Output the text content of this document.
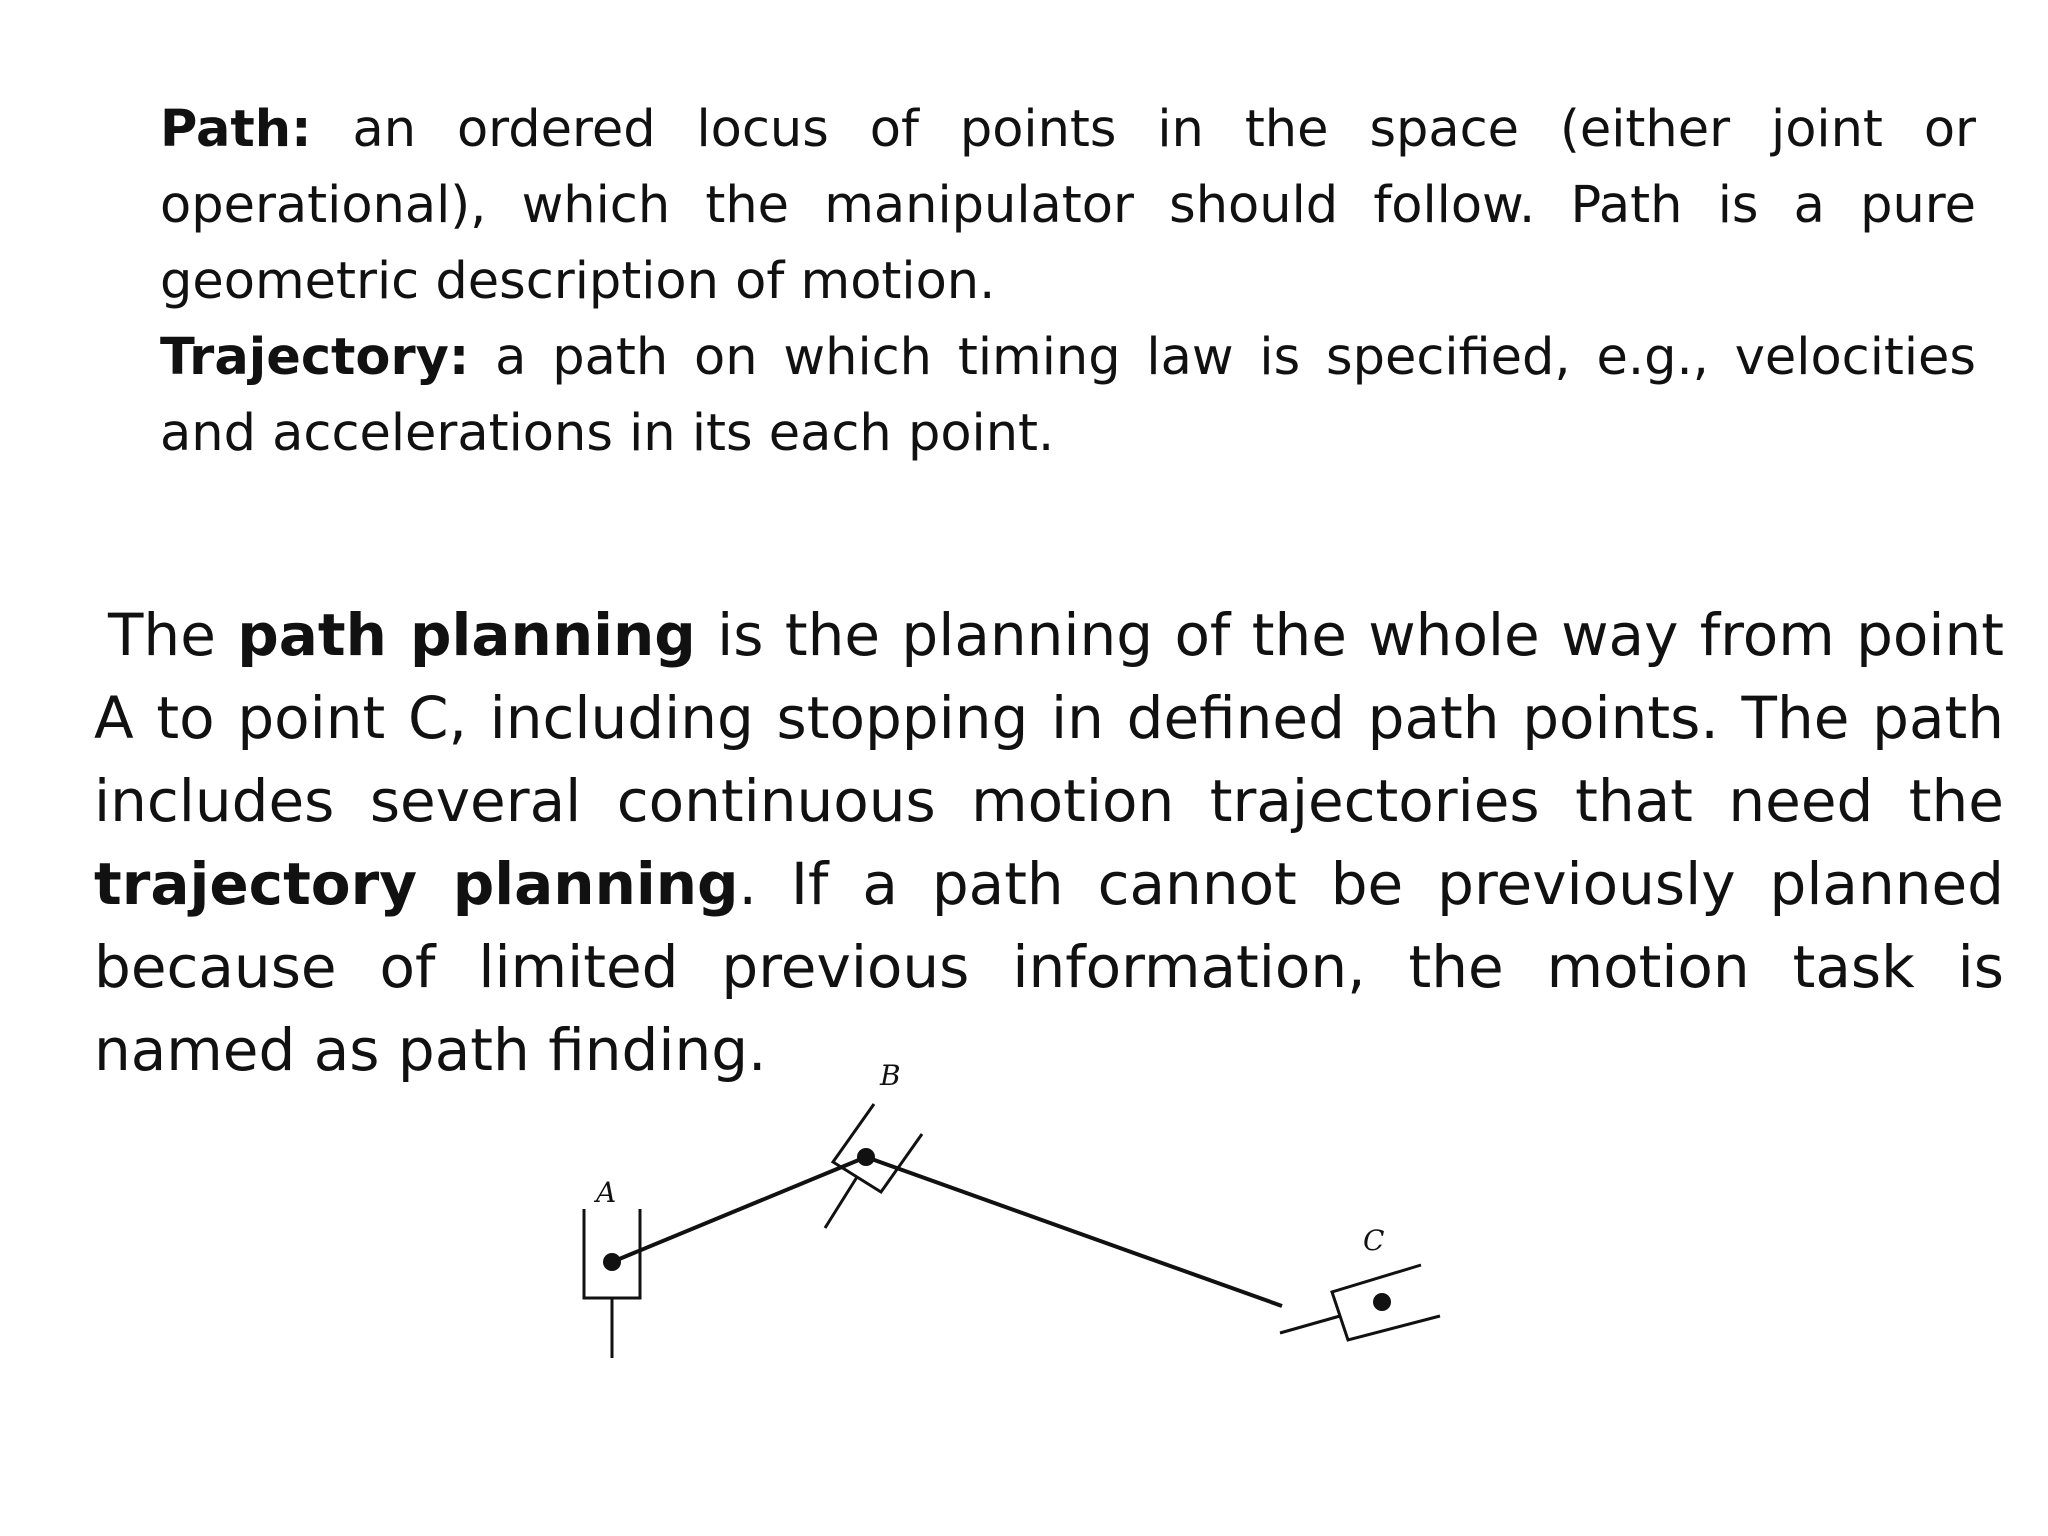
Path: an ordered locus of points in the space (either joint or operational), which the manipulator should follow. Path is a pure geometric description of motion.

Trajectory: a path on which timing law is specified, e.g., velocities and accelerations in its each point.

The path planning is the planning of the whole way from point A to point C, including stopping in defined path points. The path includes several continuous motion trajectories that need the trajectory planning. If a path cannot be previously planned because of limited previous information, the motion task is named as path finding.

A
B
C
